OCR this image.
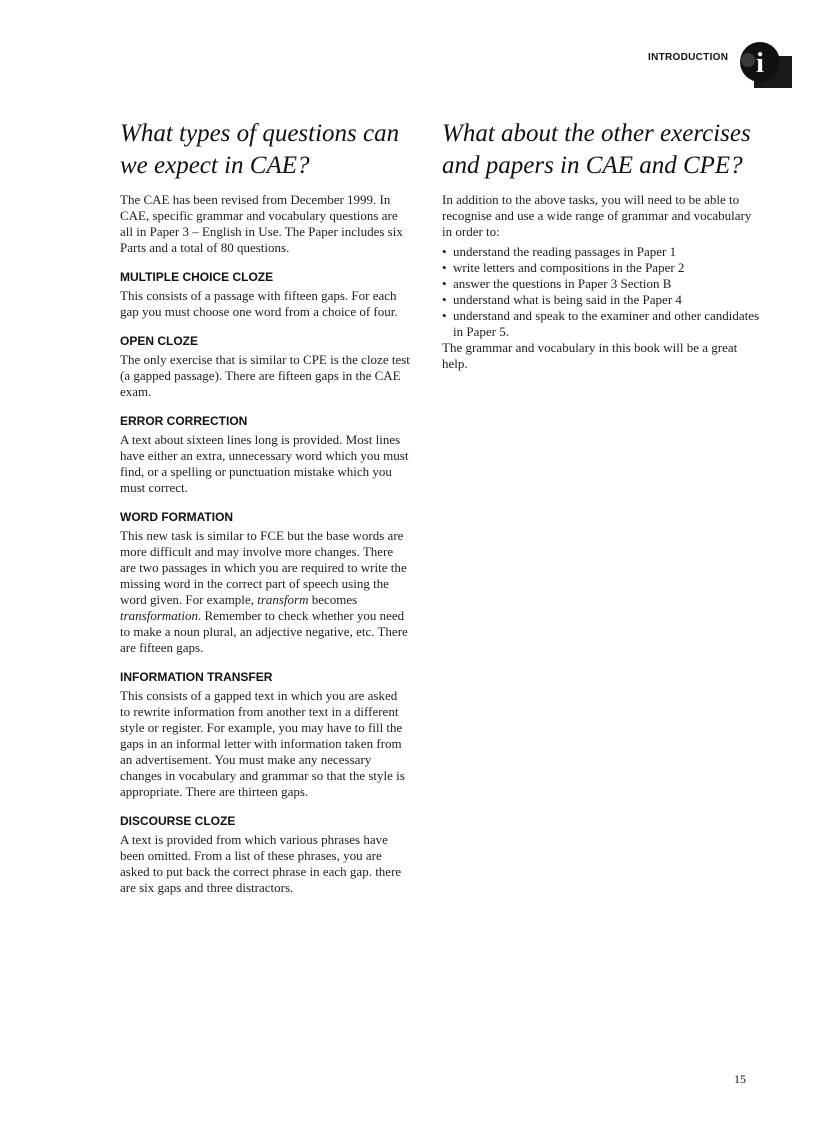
INTRODUCTION i
What types of questions can we expect in CAE?

The CAE has been revised from December 1999. In CAE, specific grammar and vocabulary questions are all in Paper 3 – English in Use. The Paper includes six Parts and a total of 80 questions.

MULTIPLE CHOICE CLOZE

This consists of a passage with fifteen gaps. For each gap you must choose one word from a choice of four.

OPEN CLOZE

The only exercise that is similar to CPE is the cloze test (a gapped passage). There are fifteen gaps in the CAE exam.

ERROR CORRECTION

A text about sixteen lines long is provided. Most lines have either an extra, unnecessary word which you must find, or a spelling or punctuation mistake which you must correct.

WORD FORMATION

This new task is similar to FCE but the base words are more difficult and may involve more changes. There are two passages in which you are required to write the missing word in the correct part of speech using the word given. For example, transform becomes transformation. Remember to check whether you need to make a noun plural, an adjective negative, etc. There are fifteen gaps.

INFORMATION TRANSFER

This consists of a gapped text in which you are asked to rewrite information from another text in a different style or register. For example, you may have to fill the gaps in an informal letter with information taken from an advertisement. You must make any necessary changes in vocabulary and grammar so that the style is appropriate. There are thirteen gaps.

DISCOURSE CLOZE

A text is provided from which various phrases have been omitted. From a list of these phrases, you are asked to put back the correct phrase in each gap. there are six gaps and three distractors.

What about the other exercises and papers in CAE and CPE?

In addition to the above tasks, you will need to be able to recognise and use a wide range of grammar and vocabulary in order to:

• understand the reading passages in Paper 1
• write letters and compositions in the Paper 2
• answer the questions in Paper 3 Section B
• understand what is being said in the Paper 4
• understand and speak to the examiner and other candidates in Paper 5.

The grammar and vocabulary in this book will be a great help.

15
